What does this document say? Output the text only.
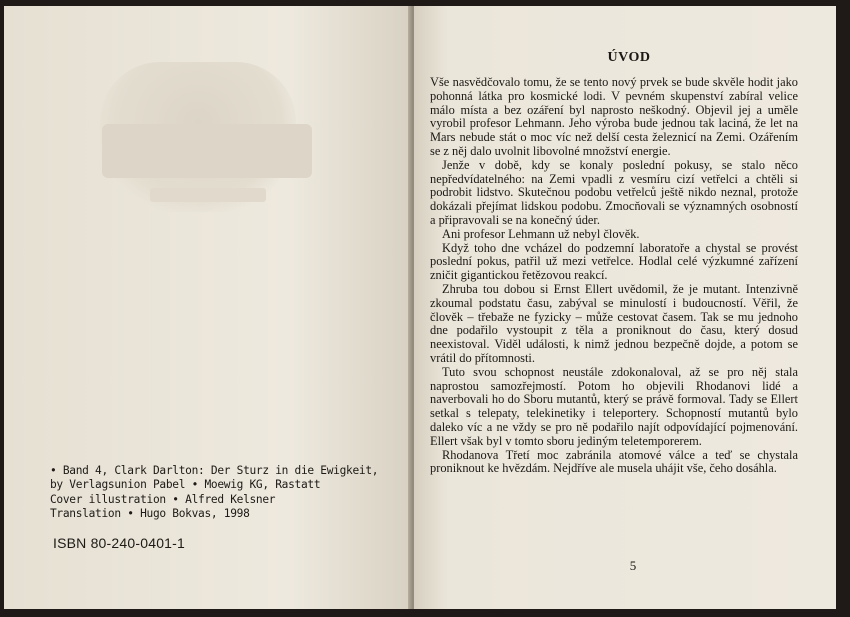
• Band 4, Clark Darlton: Der Sturz in die Ewigkeit,
by Verlagsunion Pabel • Moewig KG, Rastatt
Cover illustration • Alfred Kelsner
Translation • Hugo Bokvas, 1998
ISBN 80-240-0401-1
ÚVOD

Vše nasvědčovalo tomu, že se tento nový prvek se bude skvěle hodit jako pohonná látka pro kosmické lodi. V pevném skupenství zabíral velice málo místa a bez ozáření byl naprosto neškodný. Objevil jej a uměle vyrobil profesor Lehmann. Jeho výroba bude jednou tak laciná, že let na Mars nebude stát o moc víc než delší cesta železnicí na Zemi. Ozářením se z něj dalo uvolnit libovolné množství energie.

Jenže v době, kdy se konaly poslední pokusy, se stalo něco nepředvídatelného: na Zemi vpadli z vesmíru cizí vetřelci a chtěli si podrobit lidstvo. Skutečnou podobu vetřelců ještě nikdo neznal, protože dokázali přejímat lidskou podobu. Zmocňovali se významných osobností a připravovali se na konečný úder.

Ani profesor Lehmann už nebyl člověk.

Když toho dne vcházel do podzemní laboratoře a chystal se provést poslední pokus, patřil už mezi vetřelce. Hodlal celé výzkumné zařízení zničit gigantickou řetězovou reakcí.

Zhruba tou dobou si Ernst Ellert uvědomil, že je mutant. Intenzivně zkoumal podstatu času, zabýval se minulostí i budoucností. Věřil, že člověk – třebaže ne fyzicky – může cestovat časem. Tak se mu jednoho dne podařilo vystoupit z těla a proniknout do času, který dosud neexistoval. Viděl události, k nimž jednou bezpečně dojde, a potom se vrátil do přítomnosti.

Tuto svou schopnost neustále zdokonaloval, až se pro něj stala naprostou samozřejmostí. Potom ho objevili Rhodanovi lidé a naverbovali ho do Sboru mutantů, který se právě formoval. Tady se Ellert setkal s telepaty, telekinetiky i teleportery. Schopností mutantů bylo daleko víc a ne vždy se pro ně podařilo najít odpovídající pojmenování. Ellert však byl v tomto sboru jediným teletemporerem.

Rhodanova Třetí moc zabránila atomové válce a teď se chystala proniknout ke hvězdám. Nejdříve ale musela uhájit vše, čeho dosáhla.

5
